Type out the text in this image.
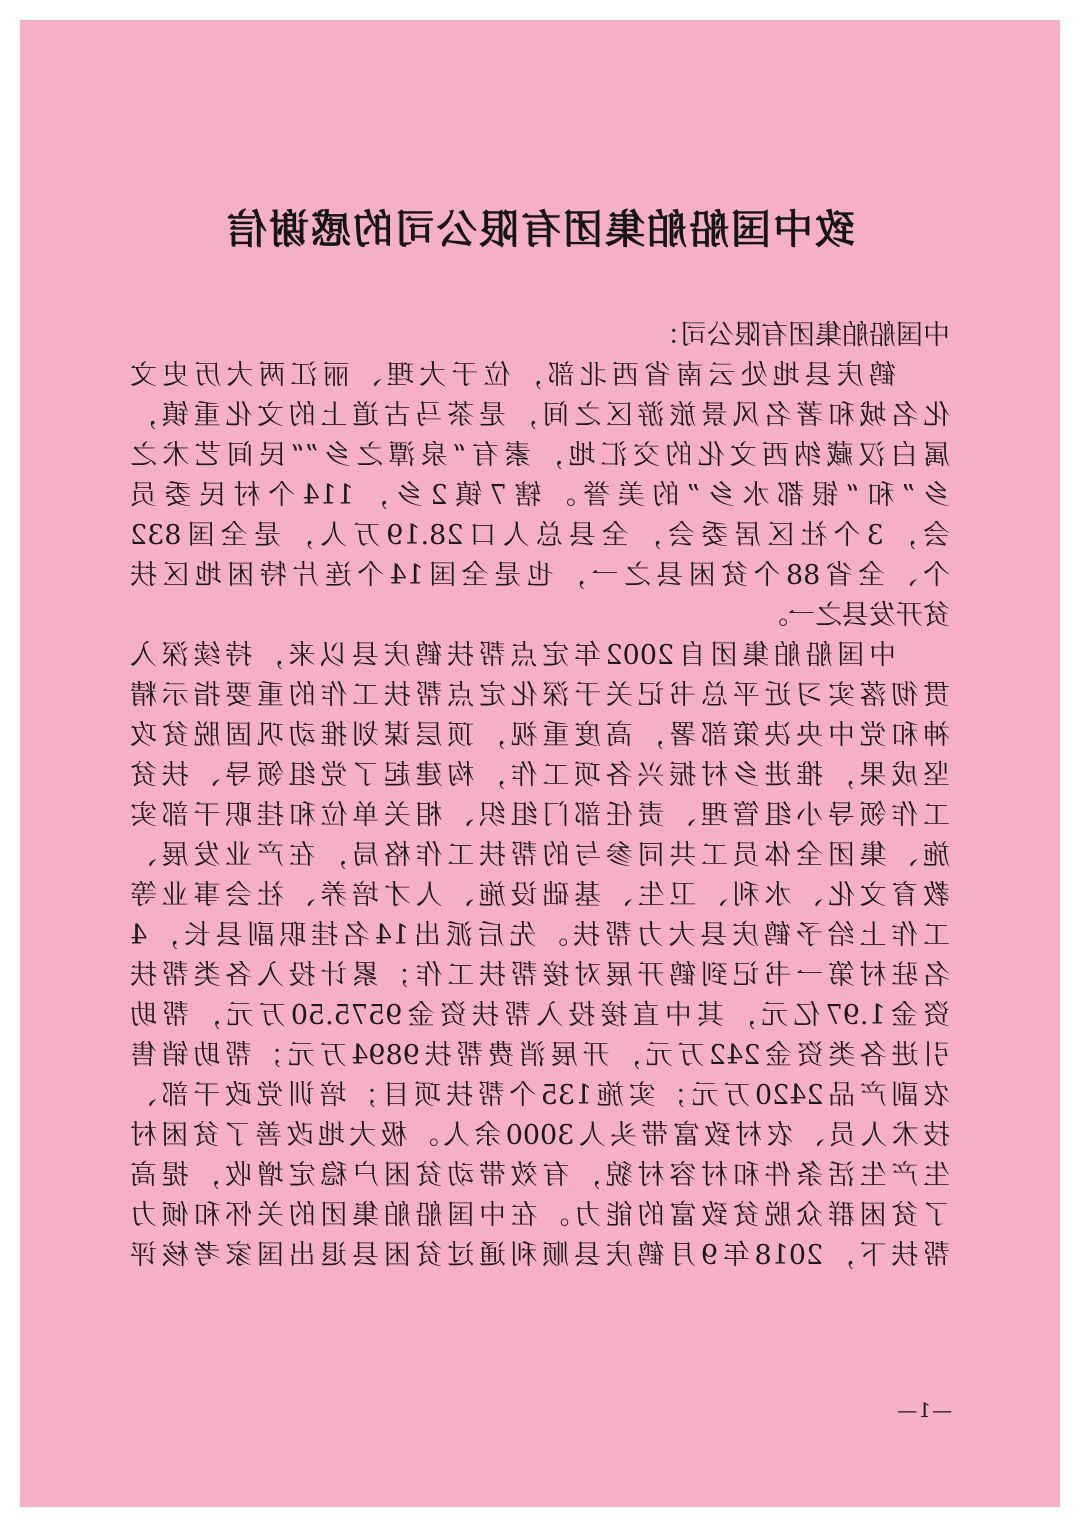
致中国船舶集团有限公司的感谢信
中国船舶集团有限公司：
鹤庆县地处云南省西北部，位于大理、丽江两大历史文
化名城和著名风景旅游区之间，是茶马古道上的文化重镇，
属白汉藏纳西文化的交汇地，素有“泉潭之乡”“民间艺术之
乡”和“银都水乡”的美誉。辖7镇2乡，114个村民委员
会，3个社区居委会，全县总人口28.19万人，是全国832
个、全省88个贫困县之一，也是全国14个连片特困地区扶
贫开发县之一。
中国船舶集团自2002年定点帮扶鹤庆县以来，持续深入
贯彻落实习近平总书记关于深化定点帮扶工作的重要指示精
神和党中央决策部署，高度重视，顶层谋划推动巩固脱贫攻
坚成果，推进乡村振兴各项工作，构建起了党组领导、扶贫
工作领导小组管理、责任部门组织、相关单位和挂职干部实
施、集团全体员工共同参与的帮扶工作格局，在产业发展、
教育文化、水利、卫生、基础设施、人才培养、社会事业等
工作上给予鹤庆县大力帮扶。先后派出14名挂职副县长，4
名驻村第一书记到鹤开展对接帮扶工作；累计投入各类帮扶
资金1.97亿元，其中直接投入帮扶资金9575.50万元，帮助
引进各类资金242万元，开展消费帮扶9894万元；帮助销售
农副产品2420万元；实施135个帮扶项目；培训党政干部、
技术人员、农村致富带头人3000余人。极大地改善了贫困村
生产生活条件和村容村貌，有效带动贫困户稳定增收，提高
了贫困群众脱贫致富的能力。在中国船舶集团的关怀和倾力
帮扶下，2018年9月鹤庆县顺利通过贫困县退出国家考核评
—1—
